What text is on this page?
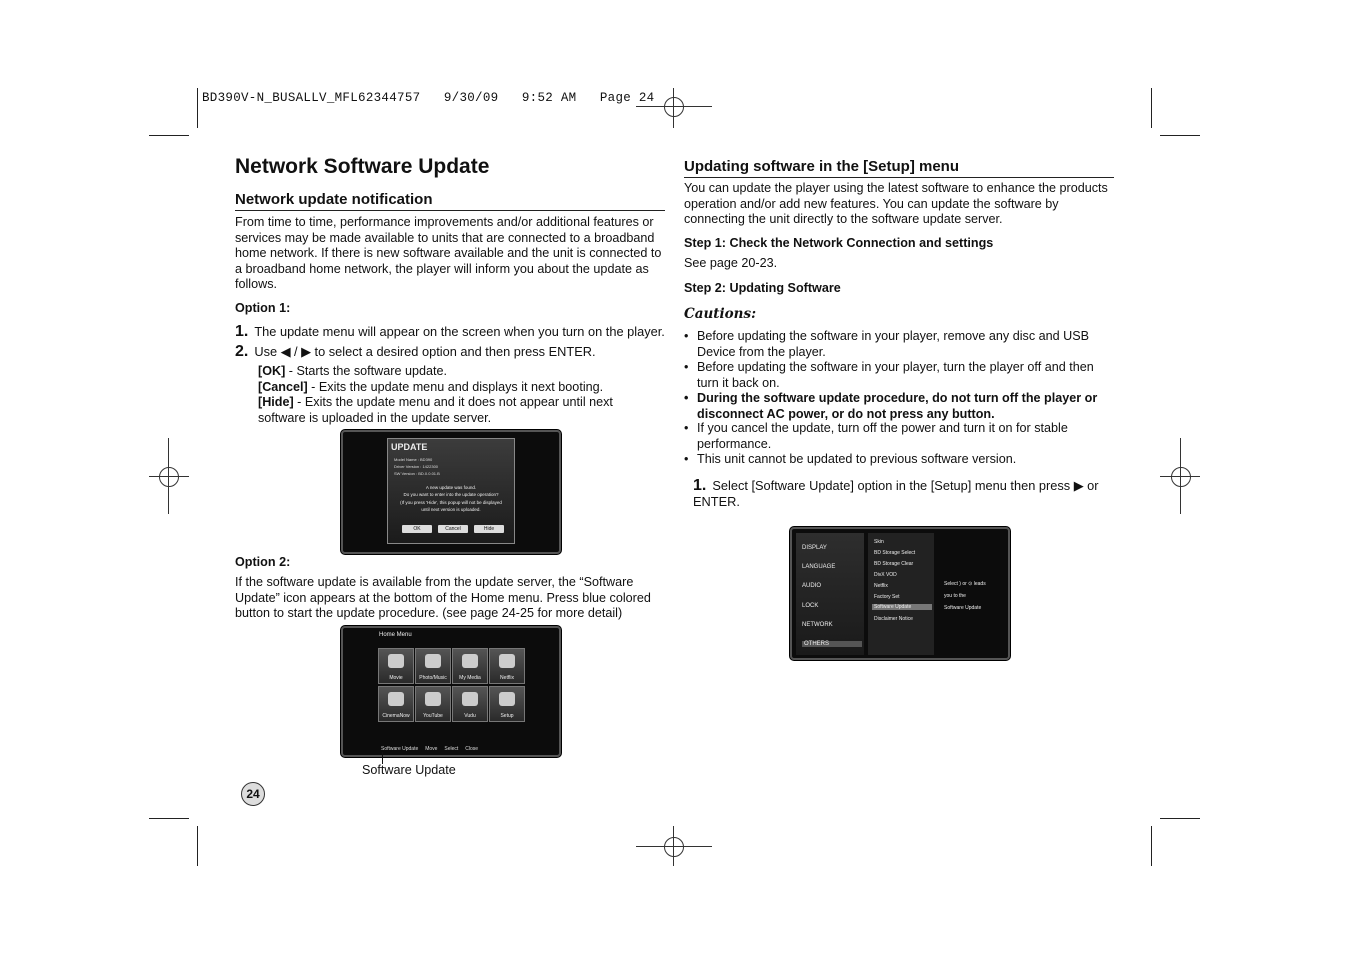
BD390V-N_BUSALLV_MFL62344757   9/30/09   9:52 AM   Page 24
Network Software Update
Network update notification

From time to time, performance improvements and/or additional features or services may be made available to units that are connected to a broadband home network. If there is new software available and the unit is connected to a broadband home network, the player will inform you about the update as follows.

Option 1:
1. The update menu will appear on the screen when you turn on the player.
2. Use ◀ / ▶ to select a desired option and then press ENTER.
[OK] - Starts the software update.
[Cancel] - Exits the update menu and displays it next booting.
[Hide] - Exits the update menu and it does not appear until next software is uploaded in the update server.
UPDATE
Model Name : BD390
Driver Version : 1422300
SW Version : BD.0.0.01.B
A new update was found.
Do you want to enter into the update operation?
(If you press 'Hide', this popup will not be displayed
until next version is uploaded.
OK	Cancel	Hide
Option 2:

If the software update is available from the update server, the “Software Update” icon appears at the bottom of the Home menu. Press blue colored button to start the update procedure. (see page 24-25 for more detail)

Home Menu
Movie	Photo/Music	My Media	Netflix
CinemaNow	YouTube	Vudu	Setup
Software Update Move Select Close
Software Update
Updating software in the [Setup] menu

You can update the player using the latest software to enhance the products operation and/or add new features. You can update the software by connecting the unit directly to the software update server.

Step 1: Check the Network Connection and settings
See page 20-23.
Step 2: Updating Software
Cautions:
• Before updating the software in your player, remove any disc and USB Device from the player.
• Before updating the software in your player, turn the player off and then turn it back on.
• During the software update procedure, do not turn off the player or disconnect AC power, or do not press any button.
• If you cancel the update, turn off the power and turn it on for stable performance.
• This unit cannot be updated to previous software version.
1. Select [Software Update] option in the [Setup] menu then press ▶ or ENTER.
DISPLAY
LANGUAGE
AUDIO
LOCK
NETWORK
OTHERS
Skin
BD Storage Select
BD Storage Clear
DivX VOD
Netflix
Factory Set
Software Update
Disclaimer Notice
Select ) or ⊙ leads
you to the
Software Update
24
